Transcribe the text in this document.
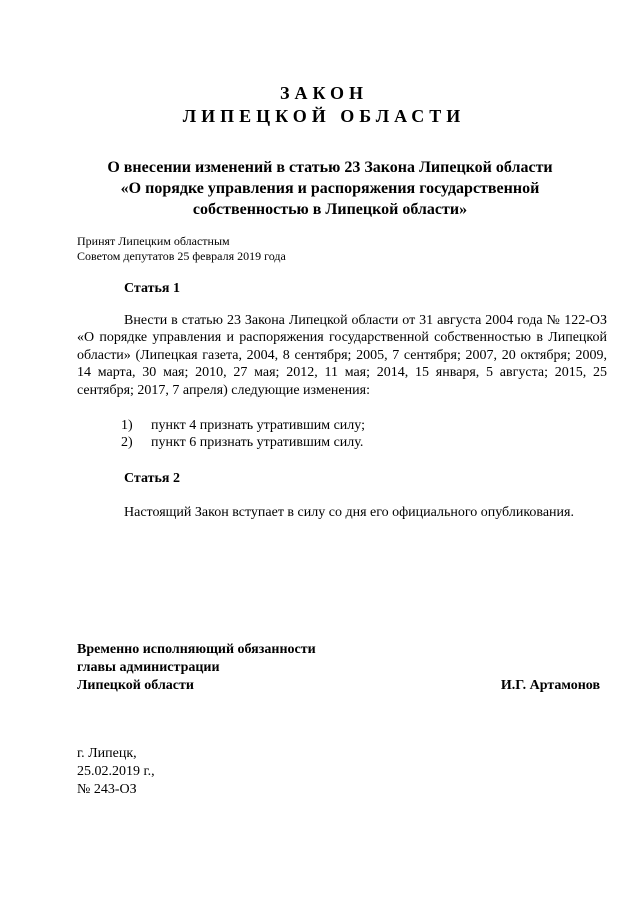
ЗАКОН
ЛИПЕЦКОЙ ОБЛАСТИ
О внесении изменений в статью 23 Закона Липецкой области
«О порядке управления и распоряжения государственной
собственностью в Липецкой области»
Принят Липецким областным
Советом депутатов 25 февраля 2019 года
Статья 1

Внести в статью 23 Закона Липецкой области от 31 августа 2004 года № 122-ОЗ «О порядке управления и распоряжения государственной собственностью в Липецкой области» (Липецкая газета, 2004, 8 сентября; 2005, 7 сентября; 2007, 20 октября; 2009, 14 марта, 30 мая; 2010, 27 мая; 2012, 11 мая; 2014, 15 января, 5 августа; 2015, 25 сентября; 2017, 7 апреля) следующие изменения:

1) пункт 4 признать утратившим силу;
2) пункт 6 признать утратившим силу.
Статья 2
Настоящий Закон вступает в силу со дня его официального опубликования.
Временно исполняющий обязанности
главы администрации
Липецкой области	И.Г. Артамонов
г. Липецк,
25.02.2019 г.,
№ 243-ОЗ
